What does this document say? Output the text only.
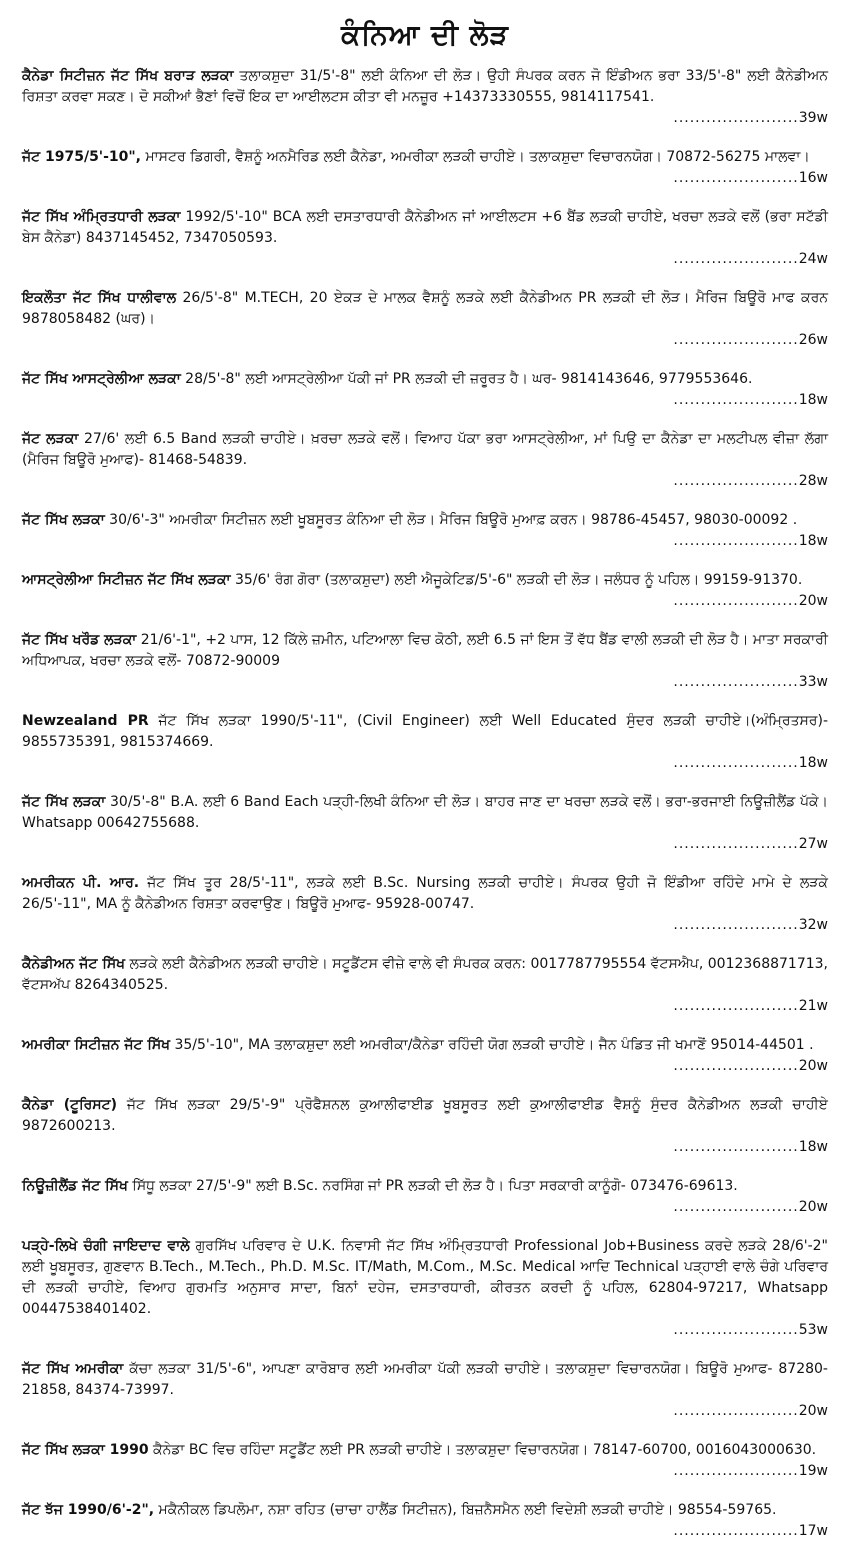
ਕੰਨਿਆ ਦੀ ਲੋੜ
ਕੈਨੇਡਾ ਸਿਟੀਜ਼ਨ ਜੱਟ ਸਿੱਖ ਬਰਾੜ ਲੜਕਾ ਤਲਾਕਸ਼ੁਦਾ 31/5'-8" ਲਈ ਕੰਨਿਆ ਦੀ ਲੋੜ। ਉਹੀ ਸੰਪਰਕ ਕਰਨ ਜੋ ਇੰਡੀਅਨ ਭਰਾ 33/5'-8" ਲਈ ਕੈਨੇਡੀਅਨ ਰਿਸ਼ਤਾ ਕਰਵਾ ਸਕਣ। ਦੋ ਸਕੀਆਂ ਭੈਣਾਂ ਵਿਚੋਂ ਇਕ ਦਾ ਆਈਲਟਸ ਕੀਤਾ ਵੀ ਮਨਜ਼ੂਰ +14373330555, 9814117541.
.......................39w
ਜੱਟ 1975/5'-10", ਮਾਸਟਰ ਡਿਗਰੀ, ਵੈਸ਼ਨੂੰ ਅਨਮੈਰਿਡ ਲਈ ਕੈਨੇਡਾ, ਅਮਰੀਕਾ ਲੜਕੀ ਚਾਹੀਏ। ਤਲਾਕਸ਼ੁਦਾ ਵਿਚਾਰਨਯੋਗ। 70872-56275 ਮਾਲਵਾ।
.......................16w
ਜੱਟ ਸਿੱਖ ਅੰਮ੍ਰਿਤਧਾਰੀ ਲੜਕਾ 1992/5'-10" BCA ਲਈ ਦਸਤਾਰਧਾਰੀ ਕੈਨੇਡੀਅਨ ਜਾਂ ਆਈਲਟਸ +6 ਬੈਂਡ ਲੜਕੀ ਚਾਹੀਏ, ਖਰਚਾ ਲੜਕੇ ਵਲੋਂ (ਭਰਾ ਸਟੱਡੀ ਬੇਸ ਕੈਨੇਡਾ) 8437145452, 7347050593.
.......................24w
ਇਕਲੌਤਾ ਜੱਟ ਸਿੱਖ ਧਾਲੀਵਾਲ 26/5'-8" M.TECH, 20 ਏਕੜ ਦੇ ਮਾਲਕ ਵੈਸ਼ਨੂੰ ਲੜਕੇ ਲਈ ਕੈਨੇਡੀਅਨ PR ਲੜਕੀ ਦੀ ਲੋੜ। ਮੈਰਿਜ ਬਿਊਰੋ ਮਾਫ ਕਰਨ 9878058482 (ਘਰ)।
.......................26w
ਜੱਟ ਸਿੱਖ ਆਸਟ੍ਰੇਲੀਆ ਲੜਕਾ 28/5'-8" ਲਈ ਆਸਟ੍ਰੇਲੀਆ ਪੱਕੀ ਜਾਂ PR ਲੜਕੀ ਦੀ ਜ਼ਰੂਰਤ ਹੈ। ਘਰ- 9814143646, 9779553646.
.......................18w
ਜੱਟ ਲੜਕਾ 27/6' ਲਈ 6.5 Band ਲੜਕੀ ਚਾਹੀਏ। ਖ਼ਰਚਾ ਲੜਕੇ ਵਲੋਂ। ਵਿਆਹ ਪੱਕਾ ਭਰਾ ਆਸਟ੍ਰੇਲੀਆ, ਮਾਂ ਪਿਉ ਦਾ ਕੈਨੇਡਾ ਦਾ ਮਲਟੀਪਲ ਵੀਜ਼ਾ ਲੱਗਾ (ਮੈਰਿਜ ਬਿਊਰੋ ਮੁਆਫ)- 81468-54839.
.......................28w
ਜੱਟ ਸਿੱਖ ਲੜਕਾ 30/6'-3" ਅਮਰੀਕਾ ਸਿਟੀਜ਼ਨ ਲਈ ਖੂਬਸੂਰਤ ਕੰਨਿਆ ਦੀ ਲੋੜ। ਮੈਰਿਜ ਬਿਊਰੋ ਮੁਆਫ਼ ਕਰਨ। 98786-45457, 98030-00092 .
.......................18w
ਆਸਟ੍ਰੇਲੀਆ ਸਿਟੀਜ਼ਨ ਜੱਟ ਸਿੱਖ ਲੜਕਾ 35/6' ਰੰਗ ਗੋਰਾ (ਤਲਾਕਸ਼ੁਦਾ) ਲਈ ਐਜੂਕੇਟਿਡ/5'-6" ਲੜਕੀ ਦੀ ਲੋੜ। ਜਲੰਧਰ ਨੂੰ ਪਹਿਲ। 99159-91370.
.......................20w
ਜੱਟ ਸਿੱਖ ਖਰੌਡ ਲੜਕਾ 21/6'-1", +2 ਪਾਸ, 12 ਕਿੱਲੇ ਜ਼ਮੀਨ, ਪਟਿਆਲਾ ਵਿਚ ਕੋਠੀ, ਲਈ 6.5 ਜਾਂ ਇਸ ਤੋਂ ਵੱਧ ਬੈਂਡ ਵਾਲੀ ਲੜਕੀ ਦੀ ਲੋੜ ਹੈ। ਮਾਤਾ ਸਰਕਾਰੀ ਅਧਿਆਪਕ, ਖਰਚਾ ਲੜਕੇ ਵਲੋਂ- 70872-90009
.......................33w
Newzealand PR ਜੱਟ ਸਿੱਖ ਲੜਕਾ 1990/5'-11", (Civil Engineer) ਲਈ Well Educated ਸੁੰਦਰ ਲੜਕੀ ਚਾਹੀਏ।(ਅੰਮ੍ਰਿਤਸਰ)- 9855735391, 9815374669.
.......................18w
ਜੱਟ ਸਿੱਖ ਲੜਕਾ 30/5'-8" B.A. ਲਈ 6 Band Each ਪੜ੍ਹੀ-ਲਿਖੀ ਕੰਨਿਆ ਦੀ ਲੋੜ। ਬਾਹਰ ਜਾਣ ਦਾ ਖਰਚਾ ਲੜਕੇ ਵਲੋਂ। ਭਰਾ-ਭਰਜਾਈ ਨਿਊਜ਼ੀਲੈਂਡ ਪੱਕੇ। Whatsapp 00642755688.
.......................27w
ਅਮਰੀਕਨ ਪੀ. ਆਰ. ਜੱਟ ਸਿੱਖ ਤੂਰ 28/5'-11", ਲੜਕੇ ਲਈ B.Sc. Nursing ਲੜਕੀ ਚਾਹੀਏ। ਸੰਪਰਕ ਉਹੀ ਜੋ ਇੰਡੀਆ ਰਹਿੰਦੇ ਮਾਮੇ ਦੇ ਲੜਕੇ 26/5'-11", MA ਨੂੰ ਕੈਨੇਡੀਅਨ ਰਿਸ਼ਤਾ ਕਰਵਾਉਣ। ਬਿਊਰੋ ਮੁਆਫ- 95928-00747.
.......................32w
ਕੈਨੇਡੀਅਨ ਜੱਟ ਸਿੱਖ ਲੜਕੇ ਲਈ ਕੈਨੇਡੀਅਨ ਲੜਕੀ ਚਾਹੀਏ। ਸਟੂਡੈਂਟਸ ਵੀਜ਼ੇ ਵਾਲੇ ਵੀ ਸੰਪਰਕ ਕਰਨ: 0017787795554 ਵੱਟਸਐਪ, 0012368871713, ਵੱਟਸਅੱਪ 8264340525.
.......................21w
ਅਮਰੀਕਾ ਸਿਟੀਜ਼ਨ ਜੱਟ ਸਿੱਖ 35/5'-10", MA ਤਲਾਕਸ਼ੁਦਾ ਲਈ ਅਮਰੀਕਾ/ਕੈਨੇਡਾ ਰਹਿੰਦੀ ਯੋਗ ਲੜਕੀ ਚਾਹੀਏ। ਜੈਨ ਪੰਡਿਤ ਜੀ ਖਮਾਣੋਂ 95014-44501 .
.......................20w
ਕੈਨੇਡਾ (ਟੂਰਿਸਟ) ਜੱਟ ਸਿੱਖ ਲੜਕਾ 29/5'-9" ਪ੍ਰੋਫੈਸ਼ਨਲ ਕੁਆਲੀਫਾਈਡ ਖੂਬਸੂਰਤ ਲਈ ਕੁਆਲੀਫਾਈਡ ਵੈਸ਼ਨੂੰ ਸੁੰਦਰ ਕੈਨੇਡੀਅਨ ਲੜਕੀ ਚਾਹੀਏ 9872600213.
.......................18w
ਨਿਊਜ਼ੀਲੈਂਡ ਜੱਟ ਸਿੱਖ ਸਿੱਧੂ ਲੜਕਾ 27/5'-9" ਲਈ B.Sc. ਨਰਸਿੰਗ ਜਾਂ PR ਲੜਕੀ ਦੀ ਲੋੜ ਹੈ। ਪਿਤਾ ਸਰਕਾਰੀ ਕਾਨੂੰਗੋ- 073476-69613.
.......................20w
ਪੜ੍ਹੇ-ਲਿਖੇ ਚੰਗੀ ਜਾਇਦਾਦ ਵਾਲੇ ਗੁਰਸਿੱਖ ਪਰਿਵਾਰ ਦੇ U.K. ਨਿਵਾਸੀ ਜੱਟ ਸਿੱਖ ਅੰਮ੍ਰਿਤਧਾਰੀ Professional Job+Business ਕਰਦੇ ਲੜਕੇ 28/6'-2" ਲਈ ਖੂਬਸੂਰਤ, ਗੁਣਵਾਨ B.Tech., M.Tech., Ph.D. M.Sc. IT/Math, M.Com., M.Sc. Medical ਆਦਿ Technical ਪੜ੍ਹਾਈ ਵਾਲੇ ਚੰਗੇ ਪਰਿਵਾਰ ਦੀ ਲੜਕੀ ਚਾਹੀਏ, ਵਿਆਹ ਗੁਰਮਤਿ ਅਨੁਸਾਰ ਸਾਦਾ, ਬਿਨਾਂ ਦਹੇਜ, ਦਸਤਾਰਧਾਰੀ, ਕੀਰਤਨ ਕਰਦੀ ਨੂੰ ਪਹਿਲ, 62804-97217, Whatsapp 00447538401402.
.......................53w
ਜੱਟ ਸਿੱਖ ਅਮਰੀਕਾ ਕੱਚਾ ਲੜਕਾ 31/5'-6", ਆਪਣਾ ਕਾਰੋਬਾਰ ਲਈ ਅਮਰੀਕਾ ਪੱਕੀ ਲੜਕੀ ਚਾਹੀਏ। ਤਲਾਕਸ਼ੁਦਾ ਵਿਚਾਰਨਯੋਗ। ਬਿਊਰੋ ਮੁਆਫ- 87280-21858, 84374-73997.
.......................20w
ਜੱਟ ਸਿੱਖ ਲੜਕਾ 1990 ਕੈਨੇਡਾ BC ਵਿਚ ਰਹਿੰਦਾ ਸਟੂਡੈਂਟ ਲਈ PR ਲੜਕੀ ਚਾਹੀਏ। ਤਲਾਕਸ਼ੁਦਾ ਵਿਚਾਰਨਯੋਗ। 78147-60700, 0016043000630.
.......................19w
ਜੱਟ ਝੱਜ 1990/6'-2", ਮਕੈਨੀਕਲ ਡਿਪਲੋਮਾ, ਨਸ਼ਾ ਰਹਿਤ (ਚਾਚਾ ਹਾਲੈਂਡ ਸਿਟੀਜ਼ਨ), ਬਿਜ਼ਨੈਸਮੈਨ ਲਈ ਵਿਦੇਸ਼ੀ ਲੜਕੀ ਚਾਹੀਏ। 98554-59765.
.......................17w
